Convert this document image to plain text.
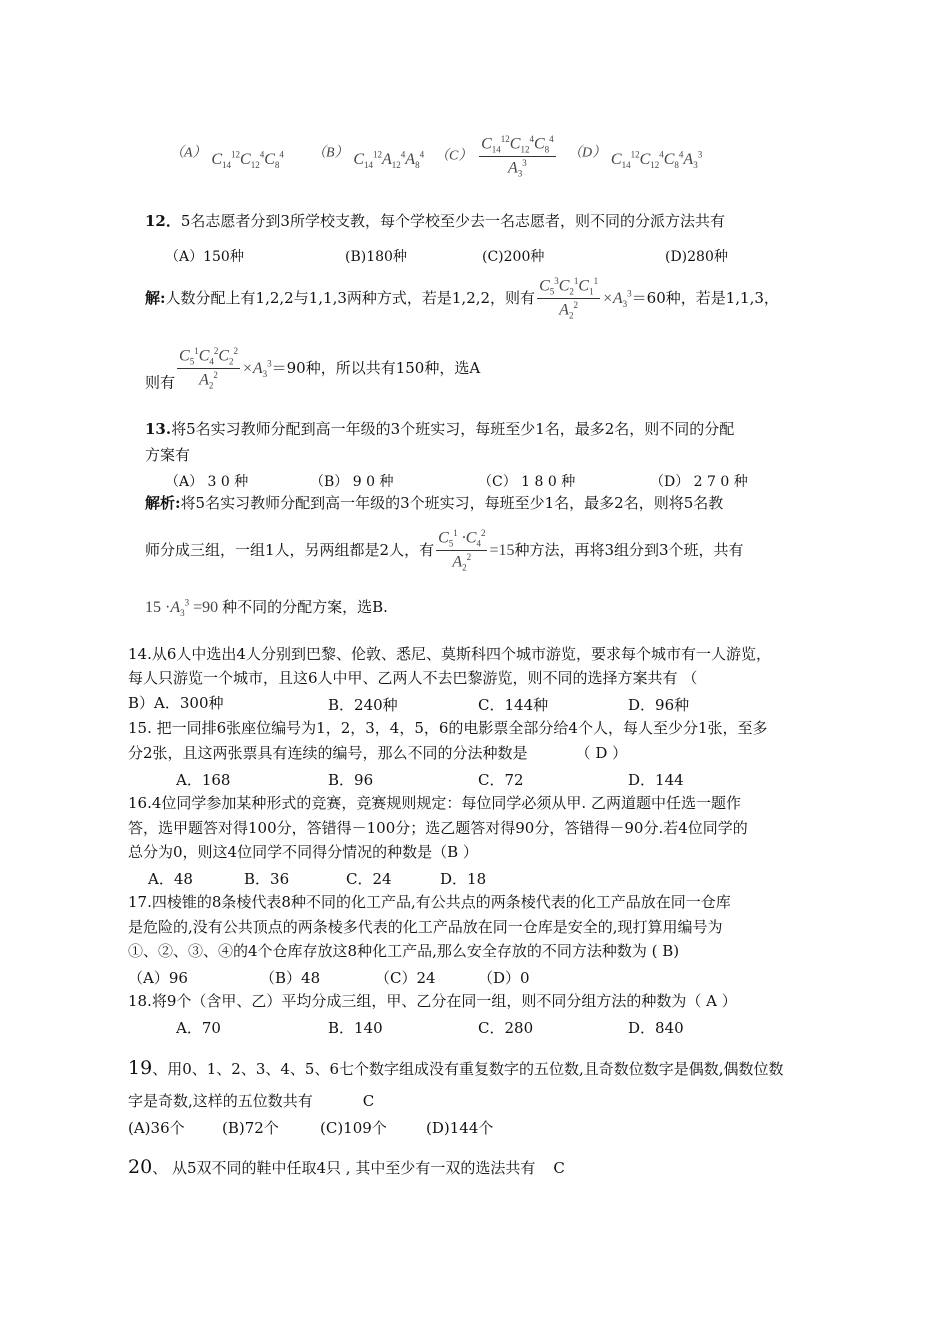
（A） $C_{14}^{12}C_{12}^4C_8^4$ （B） $C_{14}^{12}A_{12}^4A_8^4$ $(C) \frac{C_{14}^{12}C_{12}^4C_8^4}{A_3^3} (D)$ $C_{14}^{12}C_{12}^4C_8^4A_3^3$
12．5名志愿者分到3所学校支教，每个学校至少去一名志愿者，则不同的分派方法共有
（A）150种	(B)180种	(C)200种	(D)280种
解:人数分配上有1,2,2与1,1,3两种方式，若是1,2,2，则有 $\frac{C_5^3C_2^1C_1^1}{A_2^2} \times A_3^3=60$种，若是1,1,3，
则有 $\frac{C_5^1C_4^2C_2^2}{A_2^2} \times A_3^3=90$种，所以共有150种，选A
13.将5名实习教师分配到高一年级的3个班实习，每班至少1名，最多2名，则不同的分配
方案有
（A） 3 0 种	（B） 9 0 种	（C） 1 8 0 种	（D） 2 7 0 种
解析:将5名实习教师分配到高一年级的3个班实习，每班至少1名，最多2名，则将5名教
师分成三组，一组1人，另两组都是2人，有 $\frac{C_5^1 \cdot C_4^2}{A_2^2} =15$种方法，再将3组分到3个班，共有
$15 \cdot A_3^3 =90$ 种不同的分配方案，选B.
14.从6人中选出4人分别到巴黎、伦敦、悉尼、莫斯科四个城市游览，要求每个城市有一人游览，
每人只游览一个城市，且这6人中甲、乙两人不去巴黎游览，则不同的选择方案共有 （
B）A．300种	B．240种	C．144种	D．96种
15. 把一同排6张座位编号为1，2，3，4，5，6的电影票全部分给4个人，每人至少分1张，至多
分2张，且这两张票具有连续的编号，那么不同的分法种数是	（ D ）
A．168	B．96	C．72	D．144
16.4位同学参加某种形式的竞赛，竞赛规则规定：每位同学必须从甲. 乙两道题中任选一题作
答，选甲题答对得100分，答错得－100分；选乙题答对得90分，答错得－90分.若4位同学的
总分为0，则这4位同学不同得分情况的种数是（B ）
A．48	B．36	C．24	D．18
17.四棱锥的8条棱代表8种不同的化工产品,有公共点的两条棱代表的化工产品放在同一仓库
是危险的,没有公共顶点的两条棱多代表的化工产品放在同一仓库是安全的,现打算用编号为
①、②、③、④的4个仓库存放这8种化工产品,那么安全存放的不同方法种数为 ( B)
（A）96	（B）48	（C）24	（D）0
18.将9个（含甲、乙）平均分成三组，甲、乙分在同一组，则不同分组方法的种数为（ A ）
A．70	B．140	C．280	D．840
19、用0、1、2、3、4、5、6七个数字组成没有重复数字的五位数,且奇数位数字是偶数,偶数位数
字是奇数,这样的五位数共有	C
(A)36个 (B)72个	(C)109个	(D)144个
20、 从5双不同的鞋中任取4只 , 其中至少有一双的选法共有 C
